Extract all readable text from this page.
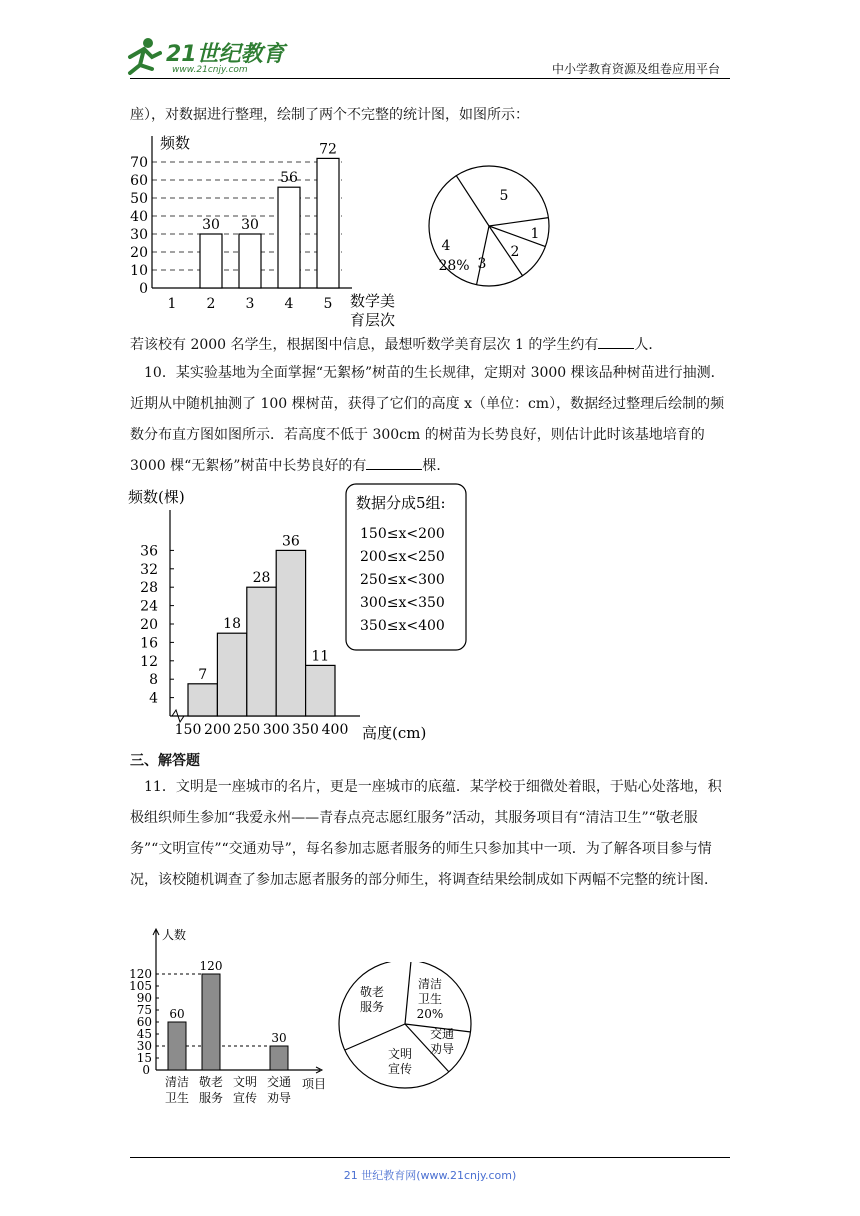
21世纪教育
www.21cnjy.com	中小学教育资源及组卷应用平台
座），对数据进行整理，绘制了两个不完整的统计图，如图所示：
0
10
20
30
40
50
60
70
频数
1 2
30
3
30
4
56
5
72
数学美
育层次
5
1
2
3
4
28%
若该校有 2000 名学生，根据图中信息，最想听数学美育层次 1 的学生约有	人．
10．某实验基地为全面掌握“无絮杨”树苗的生长规律，定期对 3000 棵该品种树苗进行抽测．近期从中随机抽测了 100 棵树苗，获得了它们的高度 x（单位：cm），数据经过整理后绘制的频数分布直方图如图所示．若高度不低于 300cm 的树苗为长势良好，则估计此时该基地培育的 3000 棵“无絮杨”树苗中长势良好的有	棵．
频数(棵)
4
8
12
16
20
24
28
32
36
150 200 250 300 350 400
7
18
28
36
11
高度(cm)
数据分成5组:
150≤x<200
200≤x<250
250≤x<300
300≤x<350
350≤x<400
三、解答题
11．文明是一座城市的名片，更是一座城市的底蕴．某学校于细微处着眼，于贴心处落地，积极组织师生参加“我爱永州——青春点亮志愿红服务”活动，其服务项目有“清洁卫生”“敬老服务”“文明宣传”“交通劝导”，每名参加志愿者服务的师生只参加其中一项．为了解各项目参与情况，该校随机调查了参加志愿者服务的部分师生，将调查结果绘制成如下两幅不完整的统计图．
人数
项目
0
15
30
45
60
75
90
105
120
清洁
卫生
60
敬老
服务
120
文明
宣传
交通
劝导
30
清洁
卫生
20%
交通
劝导
文明
宣传
敬老
服务
21 世纪教育网(www.21cnjy.com)
